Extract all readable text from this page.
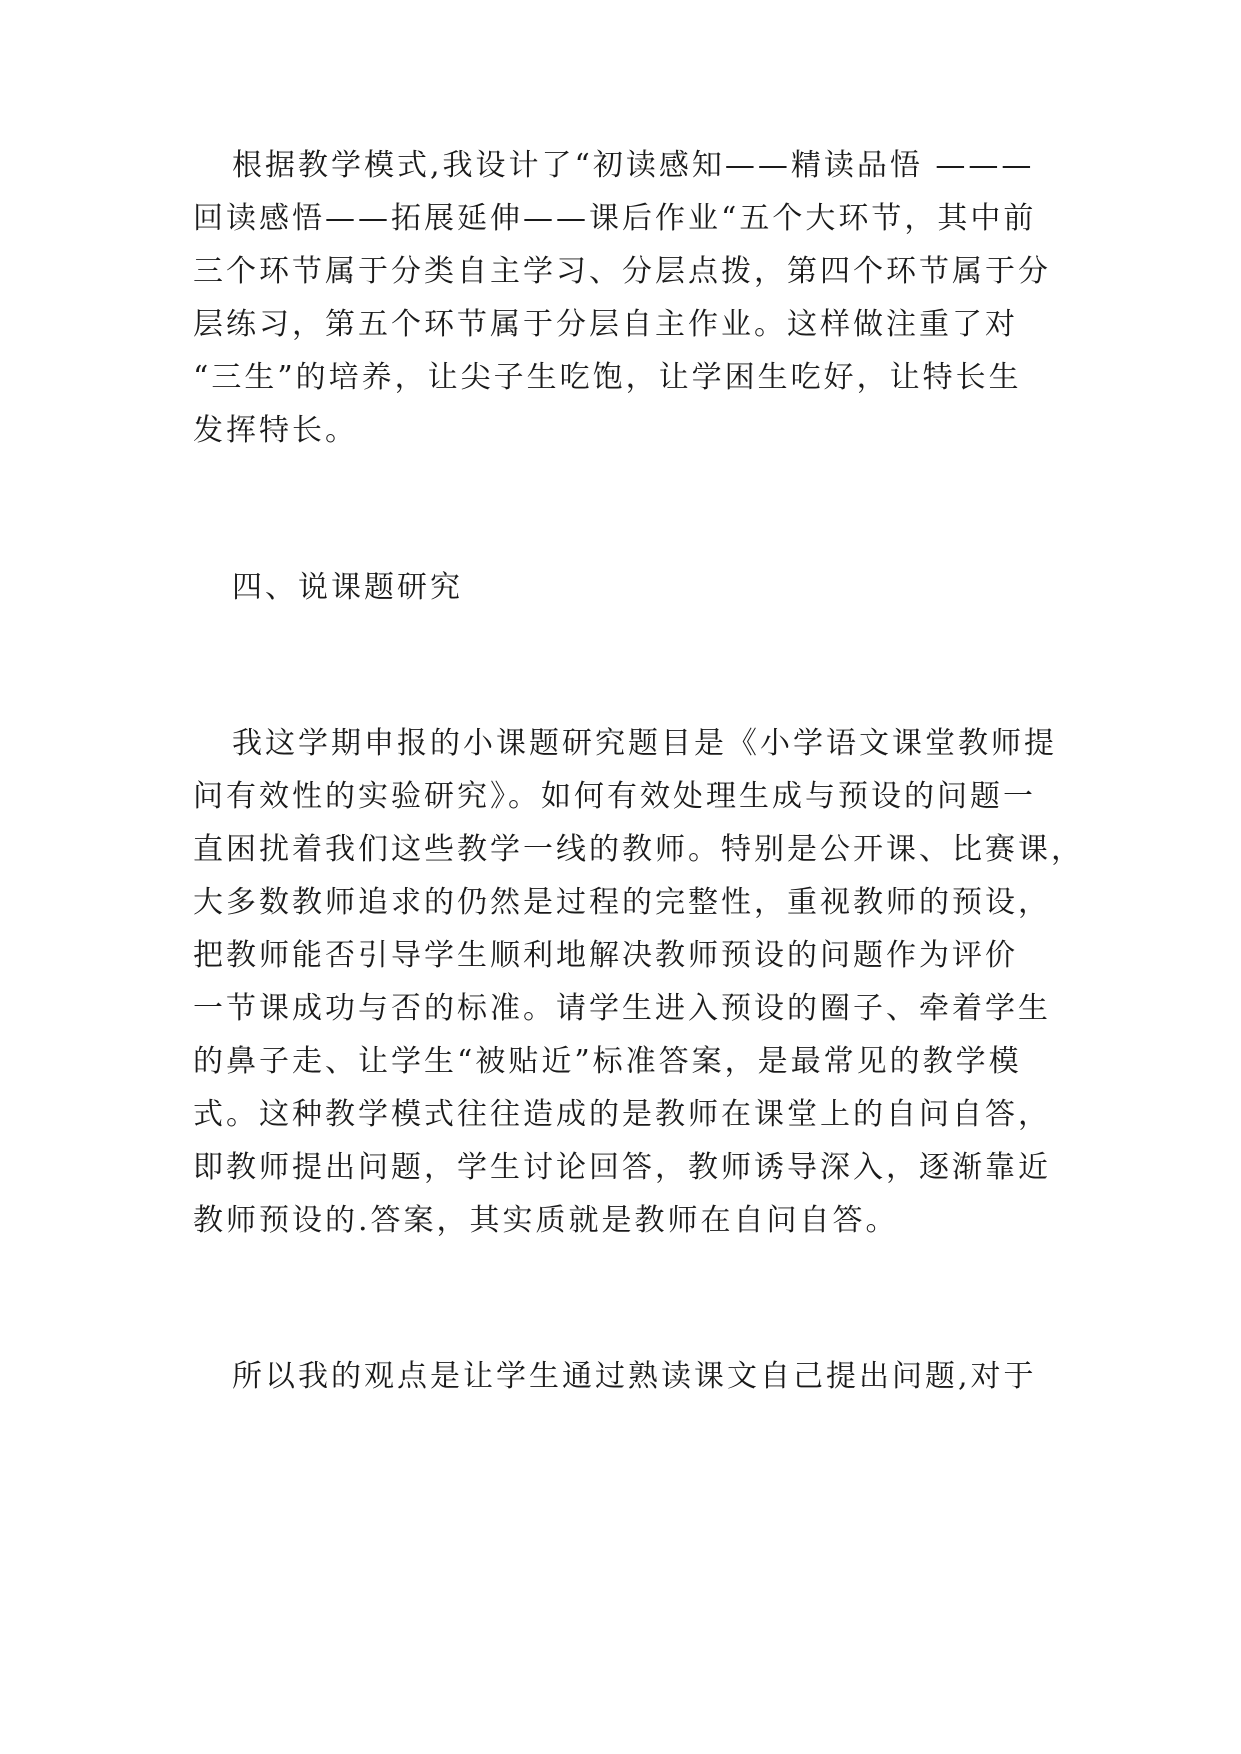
根据教学模式,我设计了“初读感知——精读品悟 ———
回读感悟——拓展延伸——课后作业“五个大环节，其中前
三个环节属于分类自主学习、分层点拨，第四个环节属于分
层练习，第五个环节属于分层自主作业。这样做注重了对
“三生”的培养，让尖子生吃饱，让学困生吃好，让特长生
发挥特长。
四、说课题研究
我这学期申报的小课题研究题目是《小学语文课堂教师提
问有效性的实验研究》。如何有效处理生成与预设的问题一
直困扰着我们这些教学一线的教师。特别是公开课、比赛课，
大多数教师追求的仍然是过程的完整性，重视教师的预设，
把教师能否引导学生顺利地解决教师预设的问题作为评价
一节课成功与否的标准。请学生进入预设的圈子、牵着学生
的鼻子走、让学生“被贴近”标准答案，是最常见的教学模
式。这种教学模式往往造成的是教师在课堂上的自问自答，
即教师提出问题，学生讨论回答，教师诱导深入，逐渐靠近
教师预设的.答案，其实质就是教师在自问自答。
所以我的观点是让学生通过熟读课文自己提出问题,对于
